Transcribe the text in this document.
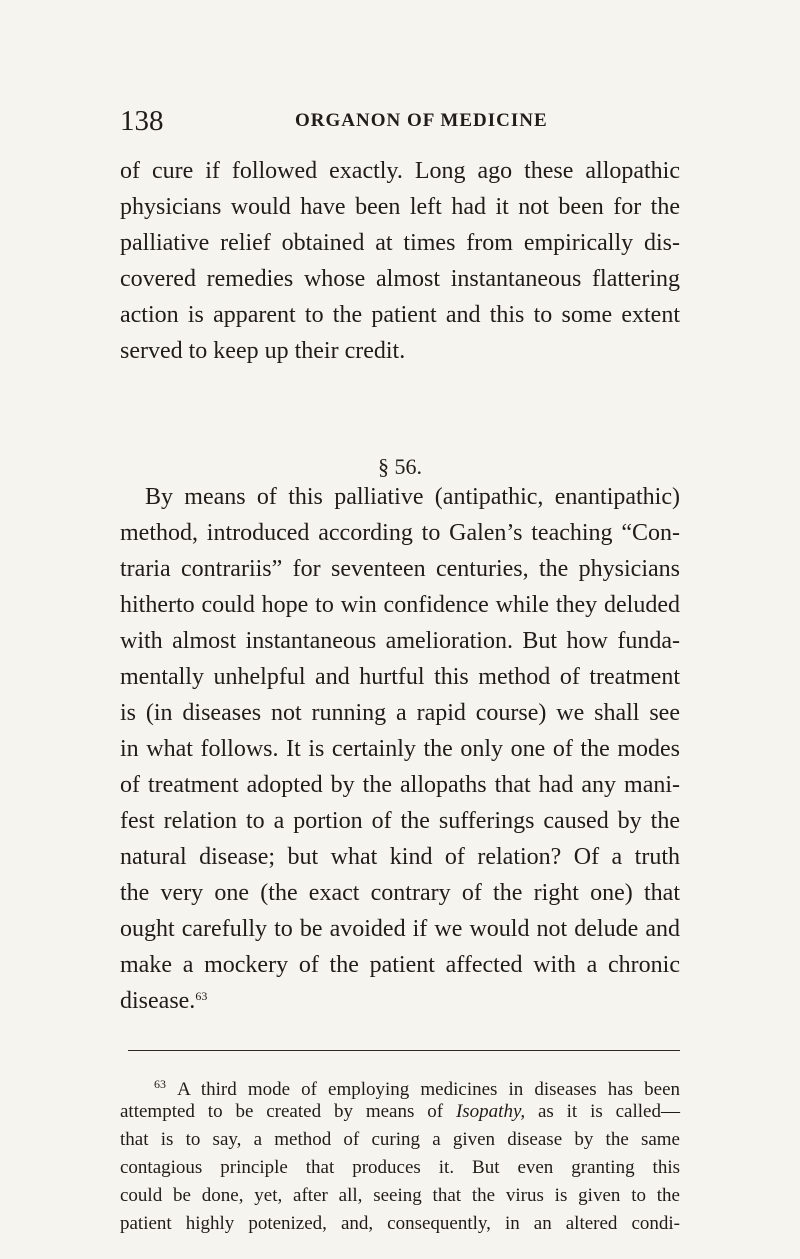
138	ORGANON OF MEDICINE
of cure if followed exactly. Long ago these allopathic
physicians would have been left had it not been for the
palliative relief obtained at times from empirically dis-
covered remedies whose almost instantaneous flattering
action is apparent to the patient and this to some extent
served to keep up their credit.
§ 56.
By means of this palliative (antipathic, enantipathic)
method, introduced according to Galen’s teaching “Con-
traria contrariis” for seventeen centuries, the physicians
hitherto could hope to win confidence while they deluded
with almost instantaneous amelioration. But how funda-
mentally unhelpful and hurtful this method of treatment
is (in diseases not running a rapid course) we shall see
in what follows. It is certainly the only one of the modes
of treatment adopted by the allopaths that had any mani-
fest relation to a portion of the sufferings caused by the
natural disease; but what kind of relation? Of a truth
the very one (the exact contrary of the right one) that
ought carefully to be avoided if we would not delude and
make a mockery of the patient affected with a chronic
disease.$^{63}$
$^{63}$ A third mode of employing medicines in diseases has been
attempted to be created by means of Isopathy, as it is called—
that is to say, a method of curing a given disease by the same
contagious principle that produces it. But even granting this
could be done, yet, after all, seeing that the virus is given to the
patient highly potenized, and, consequently, in an altered condi-
